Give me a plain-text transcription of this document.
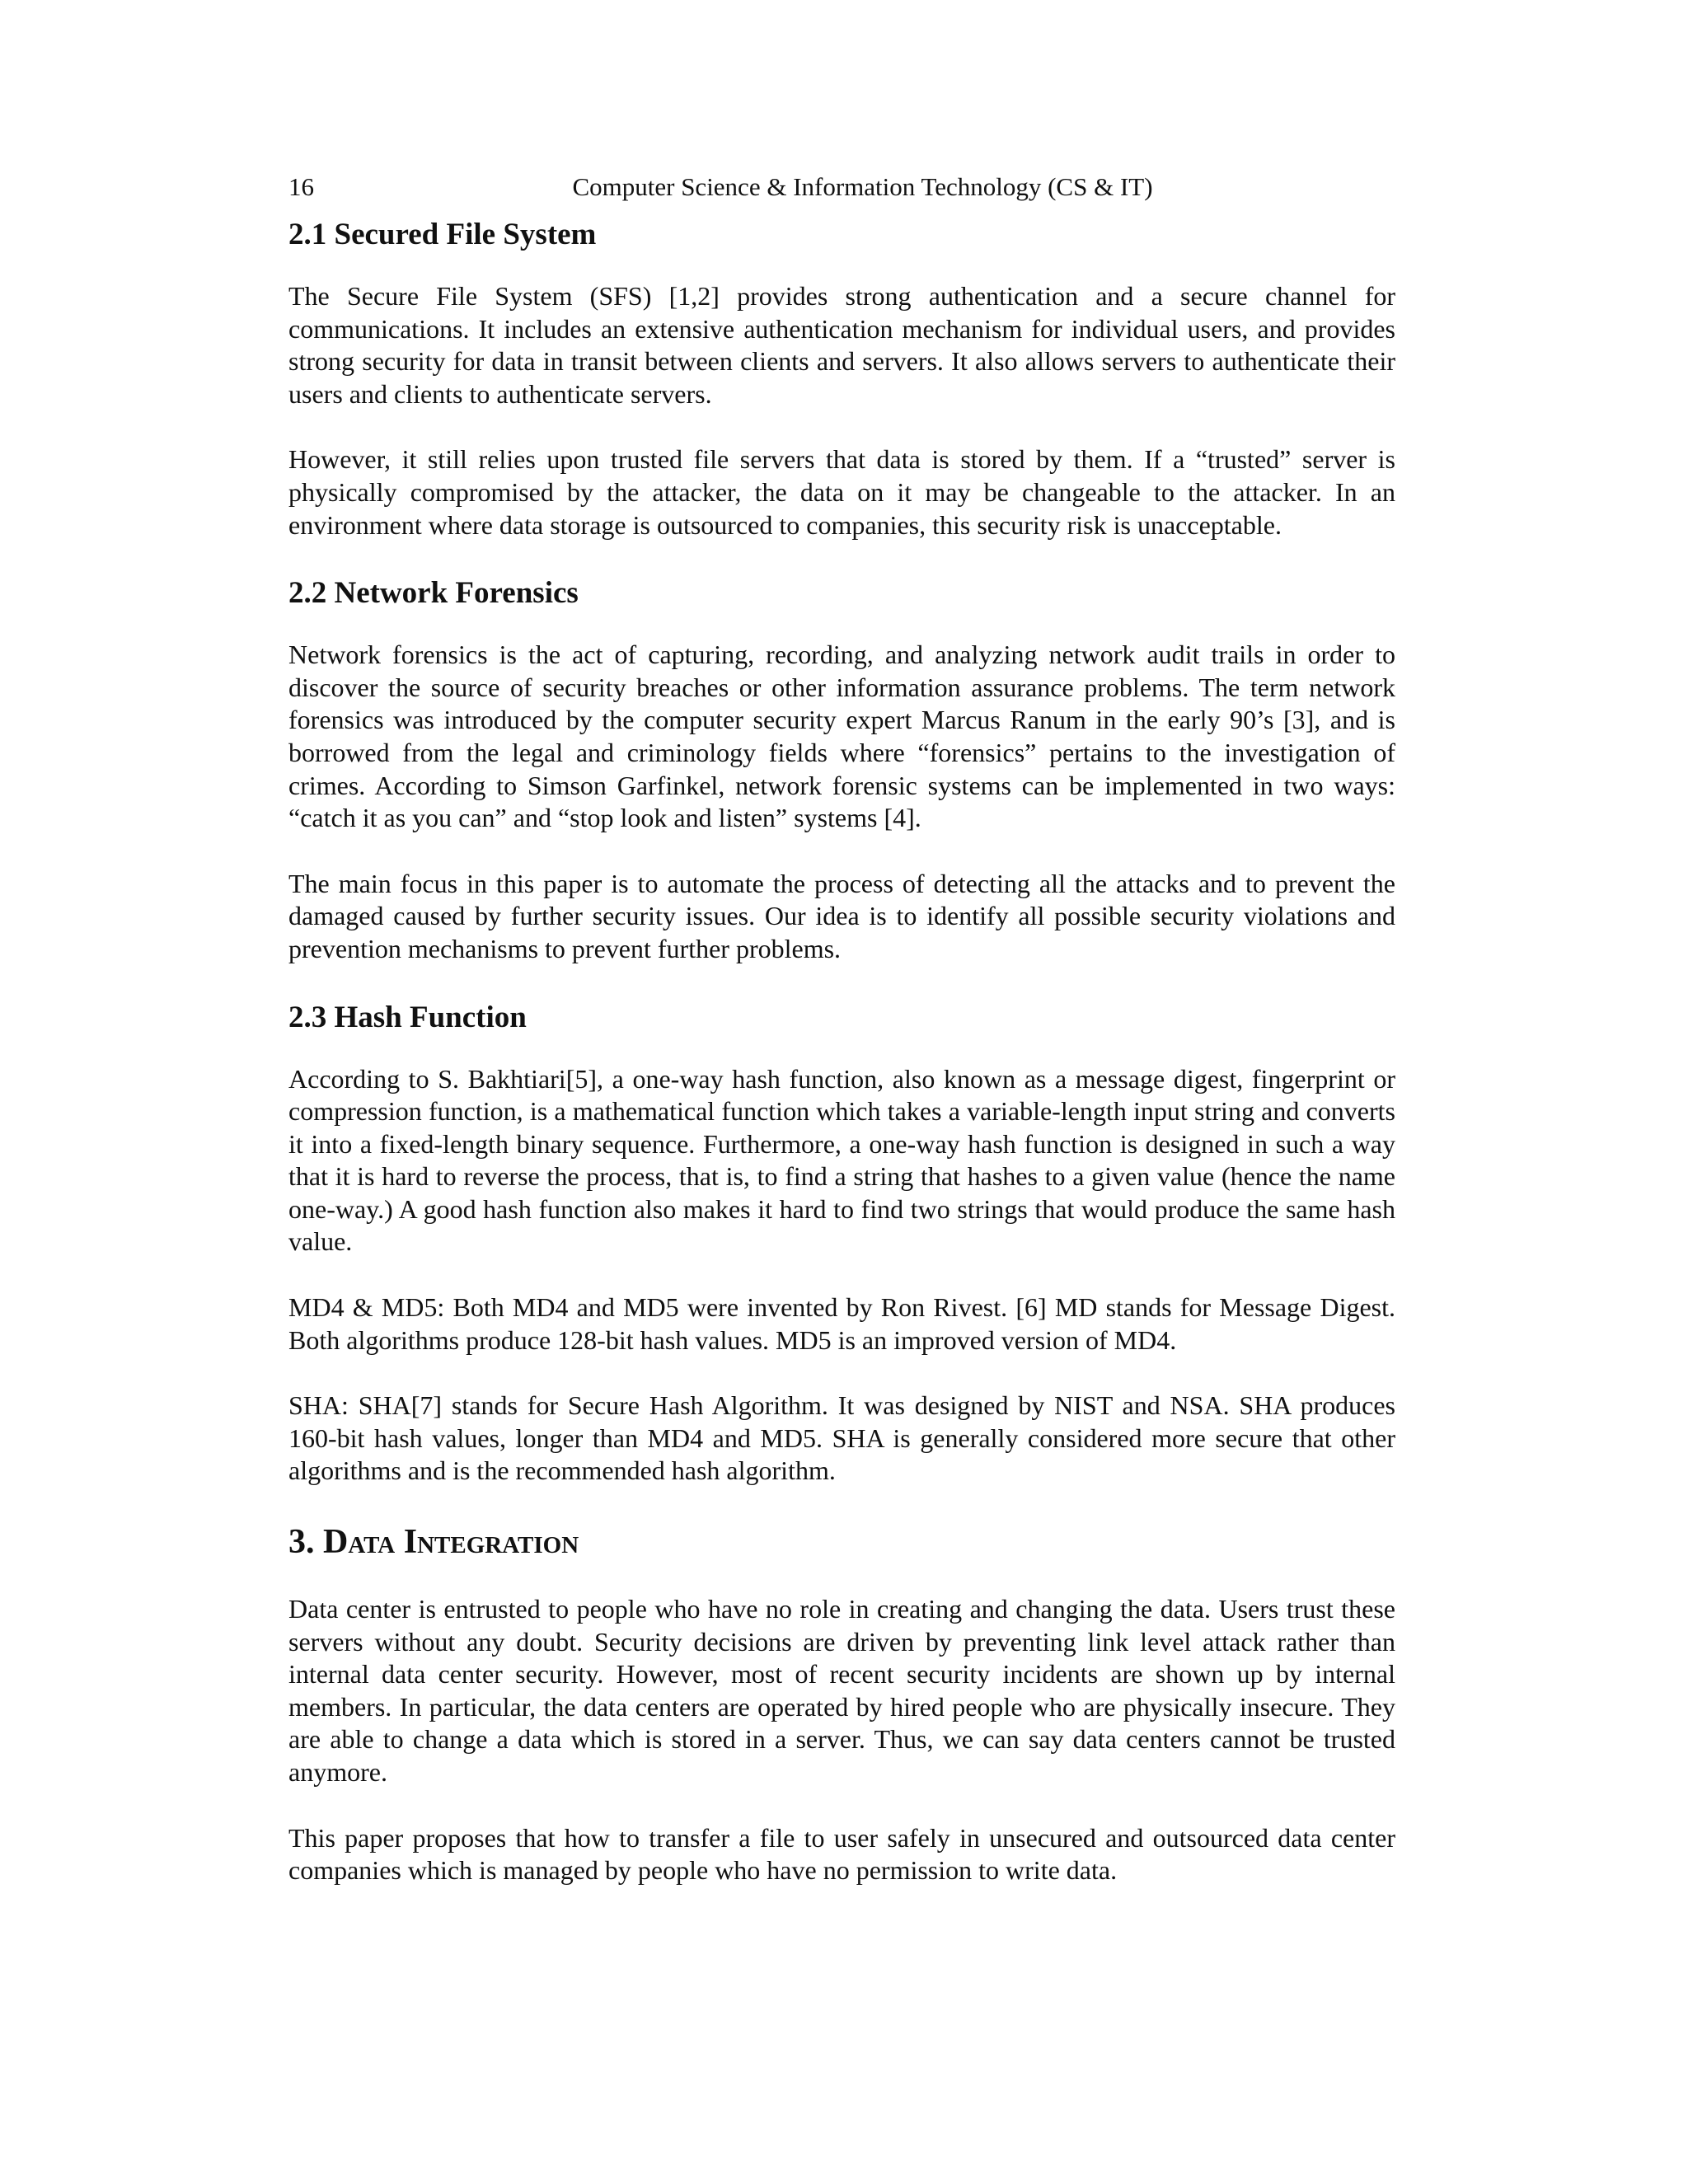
16	Computer Science & Information Technology (CS & IT)
2.1 Secured File System

The Secure File System (SFS) [1,2] provides strong authentication and a secure channel for communications. It includes an extensive authentication mechanism for individual users, and provides strong security for data in transit between clients and servers. It also allows servers to authenticate their users and clients to authenticate servers.

However, it still relies upon trusted file servers that data is stored by them. If a “trusted” server is physically compromised by the attacker, the data on it may be changeable to the attacker. In an environment where data storage is outsourced to companies, this security risk is unacceptable.

2.2 Network Forensics

Network forensics is the act of capturing, recording, and analyzing network audit trails in order to discover the source of security breaches or other information assurance problems. The term network forensics was introduced by the computer security expert Marcus Ranum in the early 90’s [3], and is borrowed from the legal and criminology fields where “forensics” pertains to the investigation of crimes. According to Simson Garfinkel, network forensic systems can be implemented in two ways: “catch it as you can” and “stop look and listen” systems [4].

The main focus in this paper is to automate the process of detecting all the attacks and to prevent the damaged caused by further security issues. Our idea is to identify all possible security violations and prevention mechanisms to prevent further problems.

2.3 Hash Function

According to S. Bakhtiari[5], a one-way hash function, also known as a message digest, fingerprint or compression function, is a mathematical function which takes a variable-length input string and converts it into a fixed-length binary sequence. Furthermore, a one-way hash function is designed in such a way that it is hard to reverse the process, that is, to find a string that hashes to a given value (hence the name one-way.) A good hash function also makes it hard to find two strings that would produce the same hash value.

MD4 & MD5: Both MD4 and MD5 were invented by Ron Rivest. [6] MD stands for Message Digest. Both algorithms produce 128-bit hash values. MD5 is an improved version of MD4.

SHA: SHA[7] stands for Secure Hash Algorithm. It was designed by NIST and NSA. SHA produces 160-bit hash values, longer than MD4 and MD5. SHA is generally considered more secure that other algorithms and is the recommended hash algorithm.

3. Data Integration

Data center is entrusted to people who have no role in creating and changing the data. Users trust these servers without any doubt. Security decisions are driven by preventing link level attack rather than internal data center security. However, most of recent security incidents are shown up by internal members. In particular, the data centers are operated by hired people who are physically insecure. They are able to change a data which is stored in a server. Thus, we can say data centers cannot be trusted anymore.

This paper proposes that how to transfer a file to user safely in unsecured and outsourced data center companies which is managed by people who have no permission to write data.
